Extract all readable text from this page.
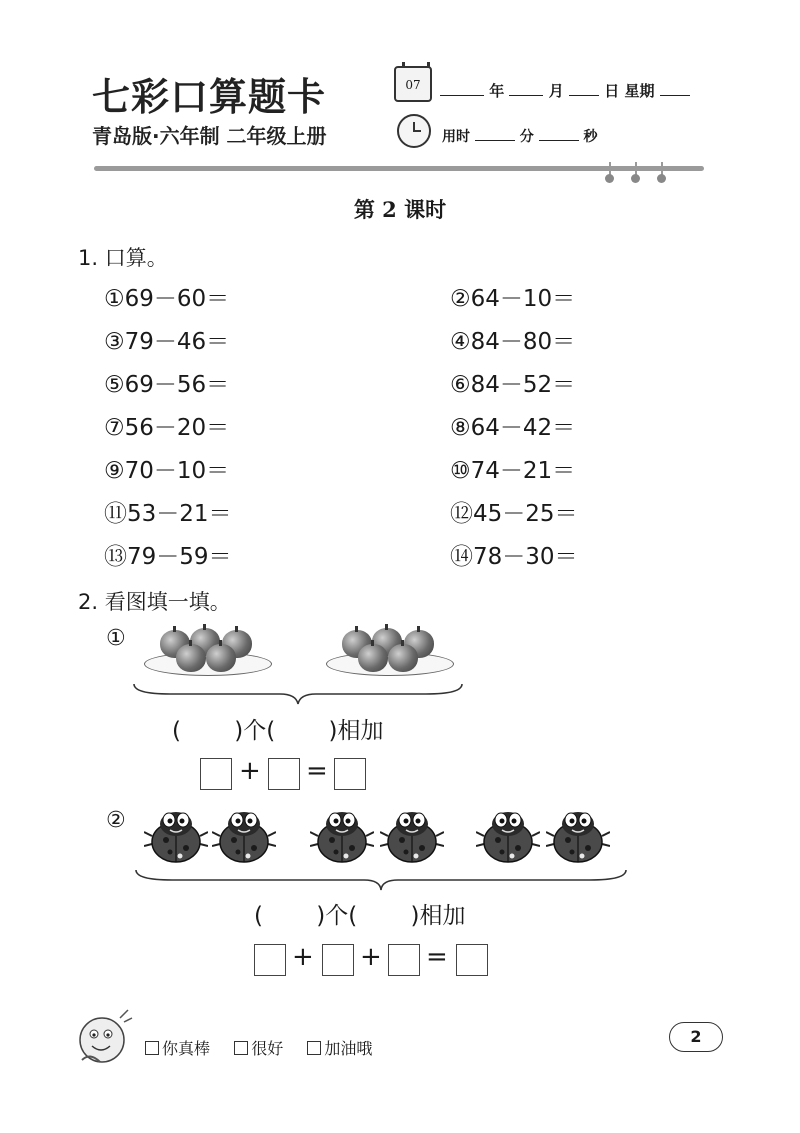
七彩口算题卡
青岛版·六年制 二年级上册
07	年	月	日 星期
用时	分	秒
第 2 课时
1. 口算。
①69－60＝	②64－10＝
③79－46＝	④84－80＝
⑤69－56＝	⑥84－52＝
⑦56－20＝	⑧64－42＝
⑨70－10＝	⑩74－21＝
⑪53－21＝	⑫45－25＝
⑬79－59＝	⑭78－30＝
2. 看图填一填。
①
(　　 )个(　　 )相加
+ =
②
(　　 )个(　　 )相加
+ + =
你真棒	很好	加油哦
2
